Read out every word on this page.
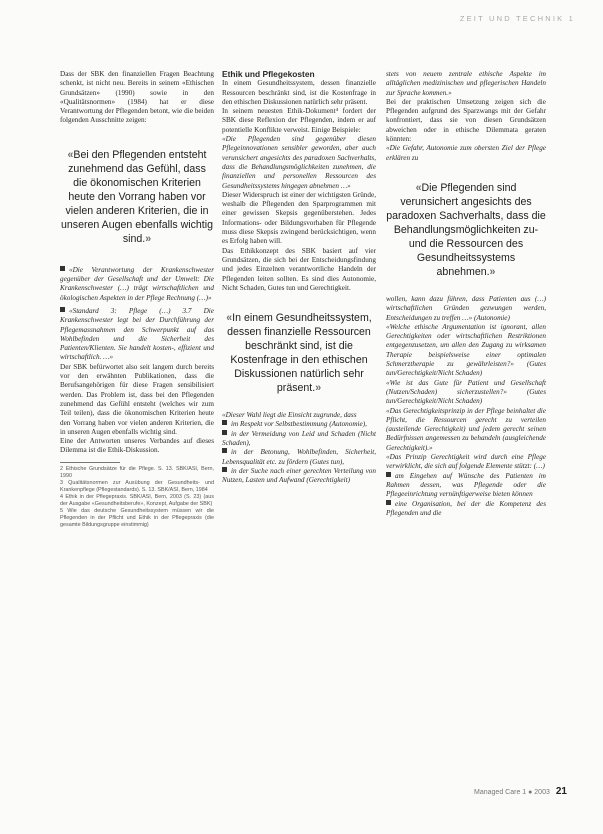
ZEIT UND TECHNIK 1

Dass der SBK den finanziellen Fragen Beachtung schenkt, ist nicht neu. Bereits in seinem «Ethischen Grundsätzen» (1990) sowie in den «Qualitätsnormen» (1984) hat er diese Verantwortung der Pflegenden betont, wie die beiden folgenden Ausschnitte zeigen:

«Bei den Pflegenden entsteht zunehmend das Gefühl, dass die ökonomischen Kriterien heute den Vorrang haben vor vielen anderen Kriterien, die in unseren Augen ebenfalls wichtig sind.»

«Die Verantwortung der Krankenschwester gegenüber der Gesellschaft und der Umwelt: Die Krankenschwester (…) trägt wirtschaftlichen und ökologischen Aspekten in der Pflege Rechnung (…)»

«Standard 3: Pflege (…) 3.7 Die Krankenschwester legt bei der Durchführung der Pflegemassnahmen den Schwerpunkt auf das Wohlbefinden und die Sicherheit des Patienten/Klienten. Sie handelt kosten-, effizient und wirtschaftlich. …»

Der SBK befürwortet also seit langem durch bereits vor den erwähnten Publikationen, dass die Berufsangehörigen für diese Fragen sensibilisiert werden. Das Problem ist, dass bei den Pflegenden zunehmend das Gefühl entsteht (welches wir zum Teil teilen), dass die ökonomischen Kriterien heute den Vorrang haben vor vielen anderen Kriterien, die in unseren Augen ebenfalls wichtig sind.

Eine der Antworten unseres Verbandes auf dieses Dilemma ist die Ethik-Diskussion.

2 Ethische Grundsätze für die Pflege. S. 13. SBK/ASI, Bern, 1990

3 Qualitätsnormen zur Ausübung der Gesundheits- und Krankenpflege (Pflegestandards). S. 13. SBK/ASI, Bern, 1984

4 Ethik in der Pflegepraxis. SBK/ASI, Bern, 2003 (S. 23) (aus der Ausgabe «Gesundheitsberufe», Konzept, Aufgabe der SBK)

5 Wie das deutsche Gesundheitssystem müssen wir die Pflegenden in der Pflicht und Ethik in der Pflegepraxis (die gesamte Bildungsgruppe einstimmig)

Ethik und Pflegekosten

In einem Gesundheitssystem, dessen finanzielle Ressourcen beschränkt sind, ist die Kostenfrage in den ethischen Diskussionen natürlich sehr präsent.

In seinem neuesten Ethik-Dokument⁴ fordert der SBK diese Reflexion der Pflegenden, indem er auf potentielle Konflikte verweist. Einige Beispiele:

«Die Pflegenden sind gegenüber diesen Pflegeinnovationen sensibler geworden, aber auch verunsichert angesichts des paradoxen Sachverhalts, dass die Behandlungsmöglichkeiten zunehmen, die finanziellen und personellen Ressourcen des Gesundheitssystems hingegen abnehmen …»

Dieser Widerspruch ist einer der wichtigsten Gründe, weshalb die Pflegenden den Sparprogrammen mit einer gewissen Skepsis gegenüberstehen. Jedes Informations- oder Bildungsvorhaben für Pflegende muss diese Skepsis zwingend berücksichtigen, wenn es Erfolg haben will.

Das Ethikkonzept des SBK basiert auf vier Grundsätzen, die sich bei der Entscheidungsfindung und jedes Einzelnen verantwortliche Handeln der Pflegenden leiten sollten. Es sind dies Autonomie, Nicht Schaden, Gutes tun und Gerechtigkeit.

«In einem Gesundheitssystem, dessen finanzielle Ressourcen beschränkt sind, ist die Kostenfrage in den ethischen Diskussionen natürlich sehr präsent.»

«Dieser Wahl liegt die Einsicht zugrunde, dass

im Respekt vor Selbstbestimmung (Autonomie),

in der Vermeidung von Leid und Schaden (Nicht Schaden),

in der Betonung, Wohlbefinden, Sicherheit, Lebensqualität etc. zu fördern (Gutes tun),

in der Suche nach einer gerechten Verteilung von Nutzen, Lasten und Aufwand (Gerechtigkeit)

stets von neuem zentrale ethische Aspekte im alltäglichen medizinischen und pflegerischen Handeln zur Sprache kommen.»

Bei der praktischen Umsetzung zeigen sich die Pflegenden aufgrund des Sparzwangs mit der Gefahr konfrontiert, dass sie von diesen Grundsätzen abweichen oder in ethische Dilemmata geraten könnten:

«Die Gefahr, Autonomie zum obersten Ziel der Pflege erklären zu

«Die Pflegenden sind verunsichert angesichts des paradoxen Sachverhalts, dass die Behandlungsmöglichkeiten zu- und die Ressourcen des Gesundheitssystems abnehmen.»

wollen, kann dazu führen, dass Patienten aus (…) wirtschaftlichen Gründen gezwungen werden, Entscheidungen zu treffen …» (Autonomie)

«Welche ethische Argumentation ist ignorant, allen Gerechtigkeiten oder wirtschaftlichen Restriktionen entgegenzusetzen, um allen den Zugang zu wirksamen Therapie beispielsweise einer optimalen Schmerztherapie zu gewährleisten?» (Gutes tun/Gerechtigkeit/Nicht Schaden)

«Wie ist das Gute für Patient und Gesellschaft (Nutzen/Schaden) sicherzustellen?» (Gutes tun/Gerechtigkeit/Nicht Schaden)

«Das Gerechtigkeitsprinzip in der Pflege beinhaltet die Pflicht, die Ressourcen gerecht zu verteilen (austeilende Gerechtigkeit) und jedem gerecht seinen Bedürfnissen angemessen zu behandeln (ausgleichende Gerechtigkeit).»

«Das Prinzip Gerechtigkeit wird durch eine Pflege verwirklicht, die sich auf folgende Elemente stützt: (…)

am Eingehen auf Wünsche des Patienten im Rahmen dessen, was Pflegende oder die Pflegeeinrichtung vernünftigerweise bieten können

eine Organisation, bei der die Kompetenz des Pflegenden und die

Managed Care 1 ● 2003 21
